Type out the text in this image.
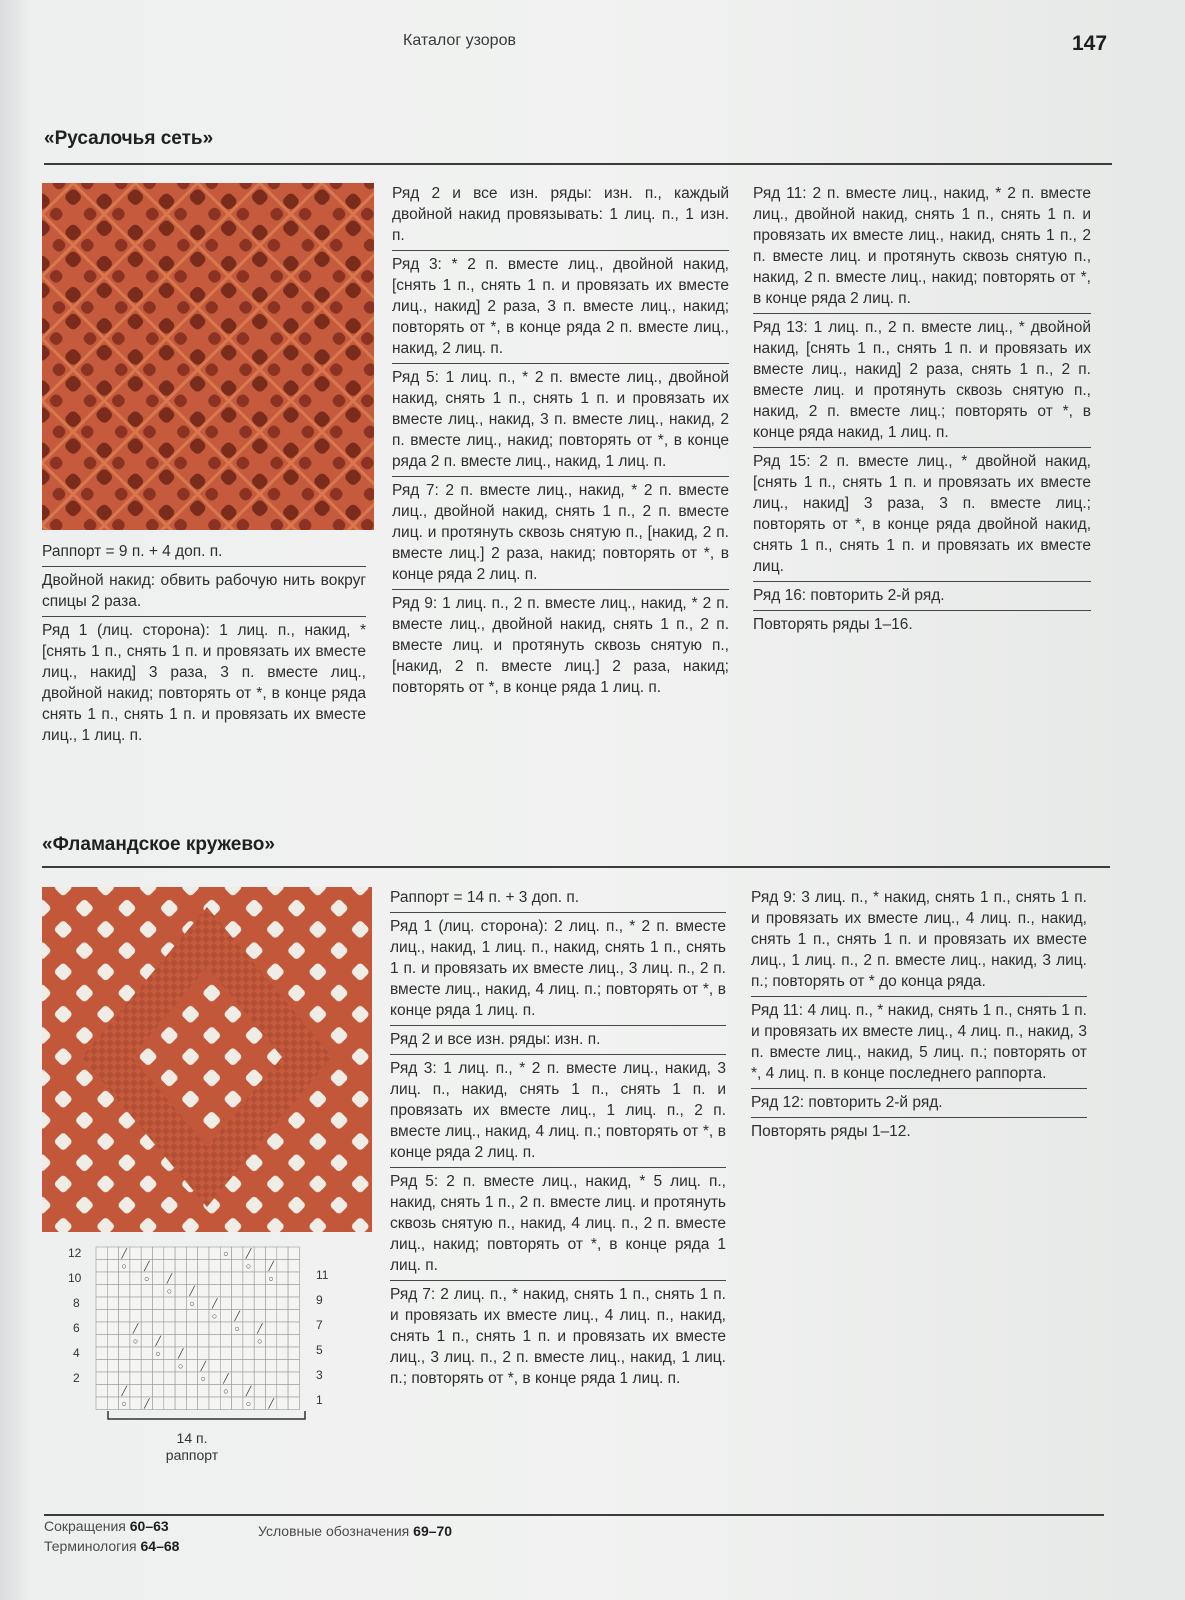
Каталог узоров	147
«Русалочья сеть»
Раппорт = 9 п. + 4 доп. п.
Двойной накид: обвить рабочую нить вокруг спицы 2 раза.
Ряд 1 (лиц. сторона): 1 лиц. п., накид, * [снять 1 п., снять 1 п. и провязать их вместе лиц., накид] 3 раза, 3 п. вместе лиц., двойной накид; повторять от *, в конце ряда снять 1 п., снять 1 п. и провязать их вместе лиц., 1 лиц. п.
Ряд 2 и все изн. ряды: изн. п., каждый двойной накид провязывать: 1 лиц. п., 1 изн. п.
Ряд 3: * 2 п. вместе лиц., двойной накид, [снять 1 п., снять 1 п. и провязать их вместе лиц., накид] 2 раза, 3 п. вместе лиц., накид; повторять от *, в конце ряда 2 п. вместе лиц., накид, 2 лиц. п.
Ряд 5: 1 лиц. п., * 2 п. вместе лиц., двойной накид, снять 1 п., снять 1 п. и провязать их вместе лиц., накид, 3 п. вместе лиц., накид, 2 п. вместе лиц., накид; повторять от *, в конце ряда 2 п. вместе лиц., накид, 1 лиц. п.
Ряд 7: 2 п. вместе лиц., накид, * 2 п. вместе лиц., двойной накид, снять 1 п., 2 п. вместе лиц. и протянуть сквозь снятую п., [накид, 2 п. вместе лиц.] 2 раза, накид; повторять от *, в конце ряда 2 лиц. п.
Ряд 9: 1 лиц. п., 2 п. вместе лиц., накид, * 2 п. вместе лиц., двойной накид, снять 1 п., 2 п. вместе лиц. и протянуть сквозь снятую п., [накид, 2 п. вместе лиц.] 2 раза, накид; повторять от *, в конце ряда 1 лиц. п.
Ряд 11: 2 п. вместе лиц., накид, * 2 п. вместе лиц., двойной накид, снять 1 п., снять 1 п. и провязать их вместе лиц., накид, снять 1 п., 2 п. вместе лиц. и протянуть сквозь снятую п., накид, 2 п. вместе лиц., накид; повторять от *, в конце ряда 2 лиц. п.
Ряд 13: 1 лиц. п., 2 п. вместе лиц., * двойной накид, [снять 1 п., снять 1 п. и провязать их вместе лиц., накид] 2 раза, снять 1 п., 2 п. вместе лиц. и протянуть сквозь снятую п., накид, 2 п. вместе лиц.; повторять от *, в конце ряда накид, 1 лиц. п.
Ряд 15: 2 п. вместе лиц., * двойной накид, [снять 1 п., снять 1 п. и провязать их вместе лиц., накид] 3 раза, 3 п. вместе лиц.; повторять от *, в конце ряда двойной накид, снять 1 п., снять 1 п. и провязать их вместе лиц.
Ряд 16: повторить 2-й ряд.
Повторять ряды 1–16.
«Фламандское кружево»
╱	○ ╱
○ ╱	○ ╱
○ ╱	○
○ ╱
○ ╱
○ ╱
╱	○ ╱
○ ╱	○
○ ╱
○ ╱
○ ╱
╱	○ ╱
○ ╱	○ ╱
12
10
8
6
4
2
11
9
7
5
3
1
14 п.
раппорт
Раппорт = 14 п. + 3 доп. п.
Ряд 1 (лиц. сторона): 2 лиц. п., * 2 п. вместе лиц., накид, 1 лиц. п., накид, снять 1 п., снять 1 п. и провязать их вместе лиц., 3 лиц. п., 2 п. вместе лиц., накид, 4 лиц. п.; повторять от *, в конце ряда 1 лиц. п.
Ряд 2 и все изн. ряды: изн. п.
Ряд 3: 1 лиц. п., * 2 п. вместе лиц., накид, 3 лиц. п., накид, снять 1 п., снять 1 п. и провязать их вместе лиц., 1 лиц. п., 2 п. вместе лиц., накид, 4 лиц. п.; повторять от *, в конце ряда 2 лиц. п.
Ряд 5: 2 п. вместе лиц., накид, * 5 лиц. п., накид, снять 1 п., 2 п. вместе лиц. и протянуть сквозь снятую п., накид, 4 лиц. п., 2 п. вместе лиц., накид; повторять от *, в конце ряда 1 лиц. п.
Ряд 7: 2 лиц. п., * накид, снять 1 п., снять 1 п. и провязать их вместе лиц., 4 лиц. п., накид, снять 1 п., снять 1 п. и провязать их вместе лиц., 3 лиц. п., 2 п. вместе лиц., накид, 1 лиц. п.; повторять от *, в конце ряда 1 лиц. п.
Ряд 9: 3 лиц. п., * накид, снять 1 п., снять 1 п. и провязать их вместе лиц., 4 лиц. п., накид, снять 1 п., снять 1 п. и провязать их вместе лиц., 1 лиц. п., 2 п. вместе лиц., накид, 3 лиц. п.; повторять от * до конца ряда.
Ряд 11: 4 лиц. п., * накид, снять 1 п., снять 1 п. и провязать их вместе лиц., 4 лиц. п., накид, 3 п. вместе лиц., накид, 5 лиц. п.; повторять от *, 4 лиц. п. в конце последнего раппорта.
Ряд 12: повторить 2-й ряд.
Повторять ряды 1–12.
Сокращения 60–63
Терминология 64–68
Условные обозначения 69–70
